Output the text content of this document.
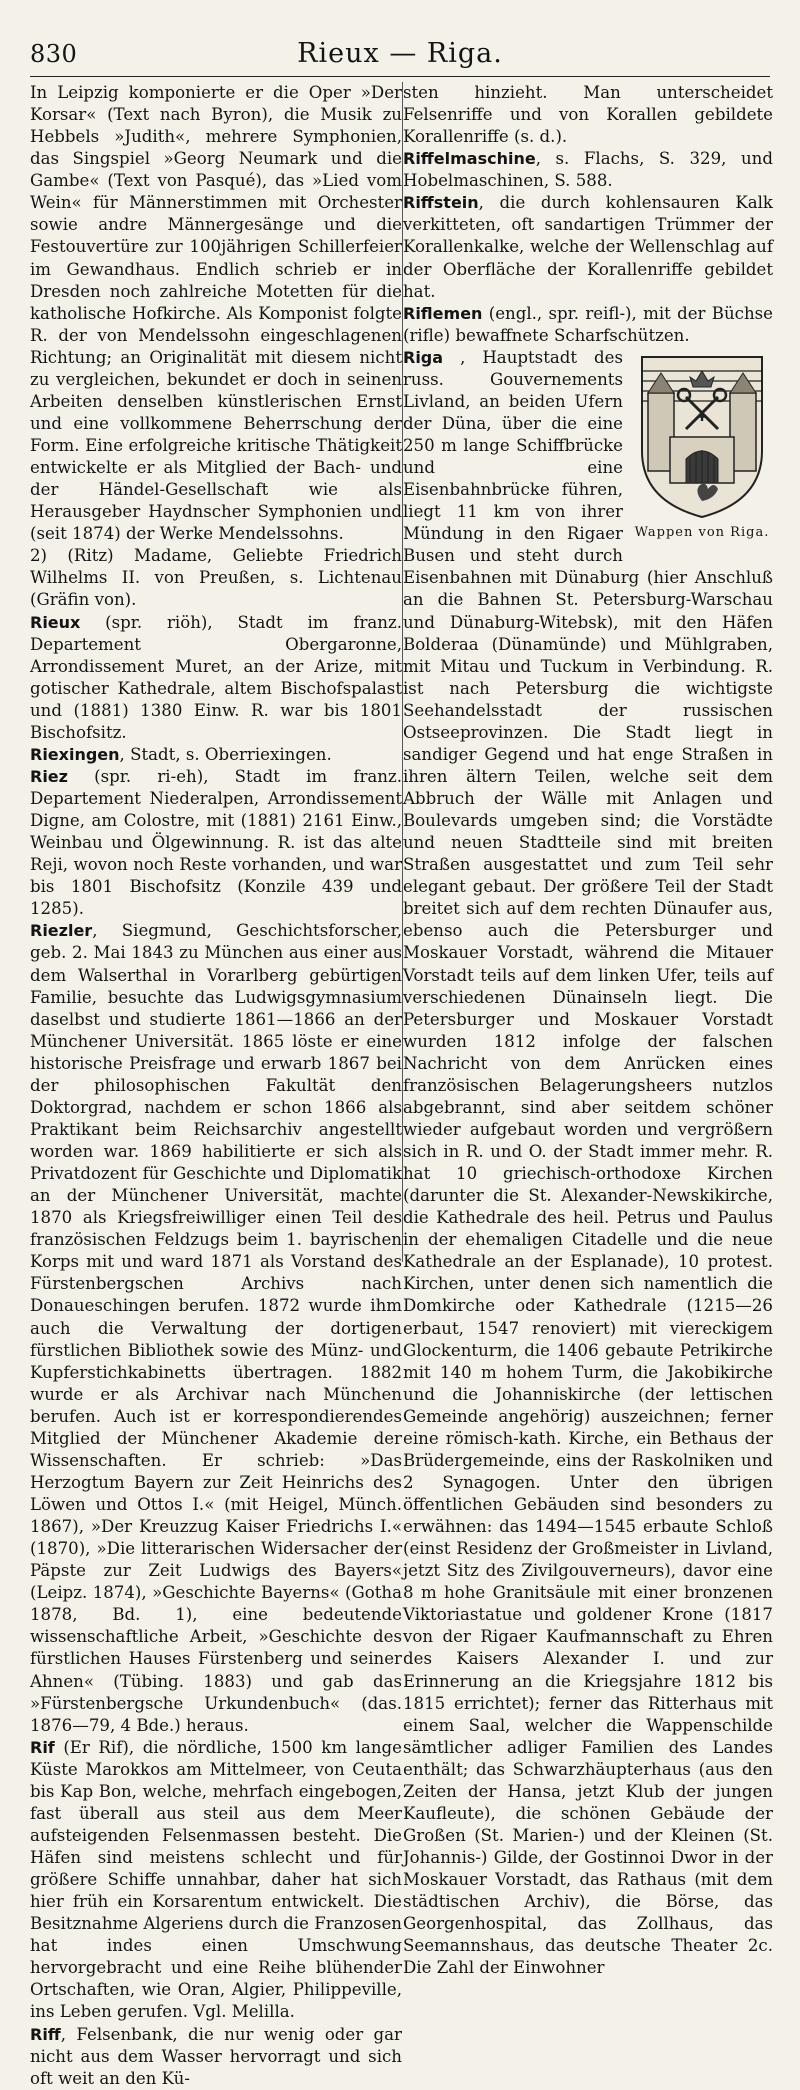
830	Rieux — Riga.

In Leipzig komponierte er die Oper »Der Korsar« (Text nach Byron), die Musik zu Hebbels »Judith«, mehrere Symphonien, das Singspiel »Georg Neumark und die Gambe« (Text von Pasqué), das »Lied vom Wein« für Männerstimmen mit Orchester sowie andre Männergesänge und die Festouvertüre zur 100jährigen Schillerfeier im Gewandhaus. Endlich schrieb er in Dresden noch zahlreiche Motetten für die katholische Hofkirche. Als Komponist folgte R. der von Mendelssohn eingeschlagenen Richtung; an Originalität mit diesem nicht zu vergleichen, bekundet er doch in seinen Arbeiten denselben künstlerischen Ernst und eine vollkommene Beherrschung der Form. Eine erfolgreiche kritische Thätigkeit entwickelte er als Mitglied der Bach- und der Händel-Gesellschaft wie als Herausgeber Haydnscher Symphonien und (seit 1874) der Werke Mendelssohns.

2) (Ritz) Madame, Geliebte Friedrich Wilhelms II. von Preußen, s. Lichtenau (Gräfin von).

Rieux (spr. riöh), Stadt im franz. Departement Obergaronne, Arrondissement Muret, an der Arize, mit gotischer Kathedrale, altem Bischofspalast und (1881) 1380 Einw. R. war bis 1801 Bischofsitz.

Riexingen, Stadt, s. Oberriexingen.

Riez (spr. ri-eh), Stadt im franz. Departement Niederalpen, Arrondissement Digne, am Colostre, mit (1881) 2161 Einw., Weinbau und Ölgewinnung. R. ist das alte Reji, wovon noch Reste vorhanden, und war bis 1801 Bischofsitz (Konzile 439 und 1285).

Riezler, Siegmund, Geschichtsforscher, geb. 2. Mai 1843 zu München aus einer aus dem Walserthal in Vorarlberg gebürtigen Familie, besuchte das Ludwigsgymnasium daselbst und studierte 1861—1866 an der Münchener Universität. 1865 löste er eine historische Preisfrage und erwarb 1867 bei der philosophischen Fakultät den Doktorgrad, nachdem er schon 1866 als Praktikant beim Reichsarchiv angestellt worden war. 1869 habilitierte er sich als Privatdozent für Geschichte und Diplomatik an der Münchener Universität, machte 1870 als Kriegsfreiwilliger einen Teil des französischen Feldzugs beim 1. bayrischen Korps mit und ward 1871 als Vorstand des Fürstenbergschen Archivs nach Donaueschingen berufen. 1872 wurde ihm auch die Verwaltung der dortigen fürstlichen Bibliothek sowie des Münz- und Kupferstichkabinetts übertragen. 1882 wurde er als Archivar nach München berufen. Auch ist er korrespondierendes Mitglied der Münchener Akademie der Wissenschaften. Er schrieb: »Das Herzogtum Bayern zur Zeit Heinrichs des Löwen und Ottos I.« (mit Heigel, Münch. 1867), »Der Kreuzzug Kaiser Friedrichs I.« (1870), »Die litterarischen Widersacher der Päpste zur Zeit Ludwigs des Bayers« (Leipz. 1874), »Geschichte Bayerns« (Gotha 1878, Bd. 1), eine bedeutende wissenschaftliche Arbeit, »Geschichte des fürstlichen Hauses Fürstenberg und seiner Ahnen« (Tübing. 1883) und gab das »Fürstenbergsche Urkundenbuch« (das. 1876—79, 4 Bde.) heraus.

Rif (Er Rif), die nördliche, 1500 km lange Küste Marokkos am Mittelmeer, von Ceuta bis Kap Bon, welche, mehrfach eingebogen, fast überall aus steil aus dem Meer aufsteigenden Felsenmassen besteht. Die Häfen sind meistens schlecht und für größere Schiffe unnahbar, daher hat sich hier früh ein Korsarentum entwickelt. Die Besitznahme Algeriens durch die Franzosen hat indes einen Umschwung hervorgebracht und eine Reihe blühender Ortschaften, wie Oran, Algier, Philippeville, ins Leben gerufen. Vgl. Melilla.

Riff, Felsenbank, die nur wenig oder gar nicht aus dem Wasser hervorragt und sich oft weit an den Kü-

sten hinzieht. Man unterscheidet Felsenriffe und von Korallen gebildete Korallenriffe (s. d.).

Riffelmaschine, s. Flachs, S. 329, und Hobelmaschinen, S. 588.

Riffstein, die durch kohlensauren Kalk verkitteten, oft sandartigen Trümmer der Korallenkalke, welche der Wellenschlag auf der Oberfläche der Korallenriffe gebildet hat.

Riflemen (engl., spr. reifl-), mit der Büchse (rifle) bewaffnete Scharfschützen.

Riga
✚
Wappen von Riga.
, Hauptstadt des russ. Gouvernements Livland, an beiden Ufern der Düna, über die eine 250 m lange Schiffbrücke und eine Eisenbahnbrücke führen, liegt 11 km von ihrer Mündung in den Rigaer Busen und steht durch Eisenbahnen mit Dünaburg (hier Anschluß an die Bahnen St. Petersburg-Warschau und Dünaburg-Witebsk), mit den Häfen Bolderaa (Dünamünde) und Mühlgraben, mit Mitau und Tuckum in Verbindung. R. ist nach Petersburg die wichtigste Seehandelsstadt der russischen Ostseeprovinzen. Die Stadt liegt in sandiger Gegend und hat enge Straßen in ihren ältern Teilen, welche seit dem Abbruch der Wälle mit Anlagen und Boulevards umgeben sind; die Vorstädte und neuen Stadtteile sind mit breiten Straßen ausgestattet und zum Teil sehr elegant gebaut. Der größere Teil der Stadt breitet sich auf dem rechten Dünaufer aus, ebenso auch die Petersburger und Moskauer Vorstadt, während die Mitauer Vorstadt teils auf dem linken Ufer, teils auf verschiedenen Dünainseln liegt. Die Petersburger und Moskauer Vorstadt wurden 1812 infolge der falschen Nachricht von dem Anrücken eines französischen Belagerungsheers nutzlos abgebrannt, sind aber seitdem schöner wieder aufgebaut worden und vergrößern sich in R. und O. der Stadt immer mehr. R. hat 10 griechisch-orthodoxe Kirchen (darunter die St. Alexander-Newskikirche, die Kathedrale des heil. Petrus und Paulus in der ehemaligen Citadelle und die neue Kathedrale an der Esplanade), 10 protest. Kirchen, unter denen sich namentlich die Domkirche oder Kathedrale (1215—26 erbaut, 1547 renoviert) mit viereckigem Glockenturm, die 1406 gebaute Petrikirche mit 140 m hohem Turm, die Jakobikirche und die Johanniskirche (der lettischen Gemeinde angehörig) auszeichnen; ferner eine römisch-kath. Kirche, ein Bethaus der Brüdergemeinde, eins der Raskolniken und 2 Synagogen. Unter den übrigen öffentlichen Gebäuden sind besonders zu erwähnen: das 1494—1545 erbaute Schloß (einst Residenz der Großmeister in Livland, jetzt Sitz des Zivilgouverneurs), davor eine 8 m hohe Granitsäule mit einer bronzenen Viktoriastatue und goldener Krone (1817 von der Rigaer Kaufmannschaft zu Ehren des Kaisers Alexander I. und zur Erinnerung an die Kriegsjahre 1812 bis 1815 errichtet); ferner das Ritterhaus mit einem Saal, welcher die Wappenschilde sämtlicher adliger Familien des Landes enthält; das Schwarzhäupterhaus (aus den Zeiten der Hansa, jetzt Klub der jungen Kaufleute), die schönen Gebäude der Großen (St. Marien-) und der Kleinen (St. Johannis-) Gilde, der Gostinnoi Dwor in der Moskauer Vorstadt, das Rathaus (mit dem städtischen Archiv), die Börse, das Georgenhospital, das Zollhaus, das Seemannshaus, das deutsche Theater 2c. Die Zahl der Einwohner
